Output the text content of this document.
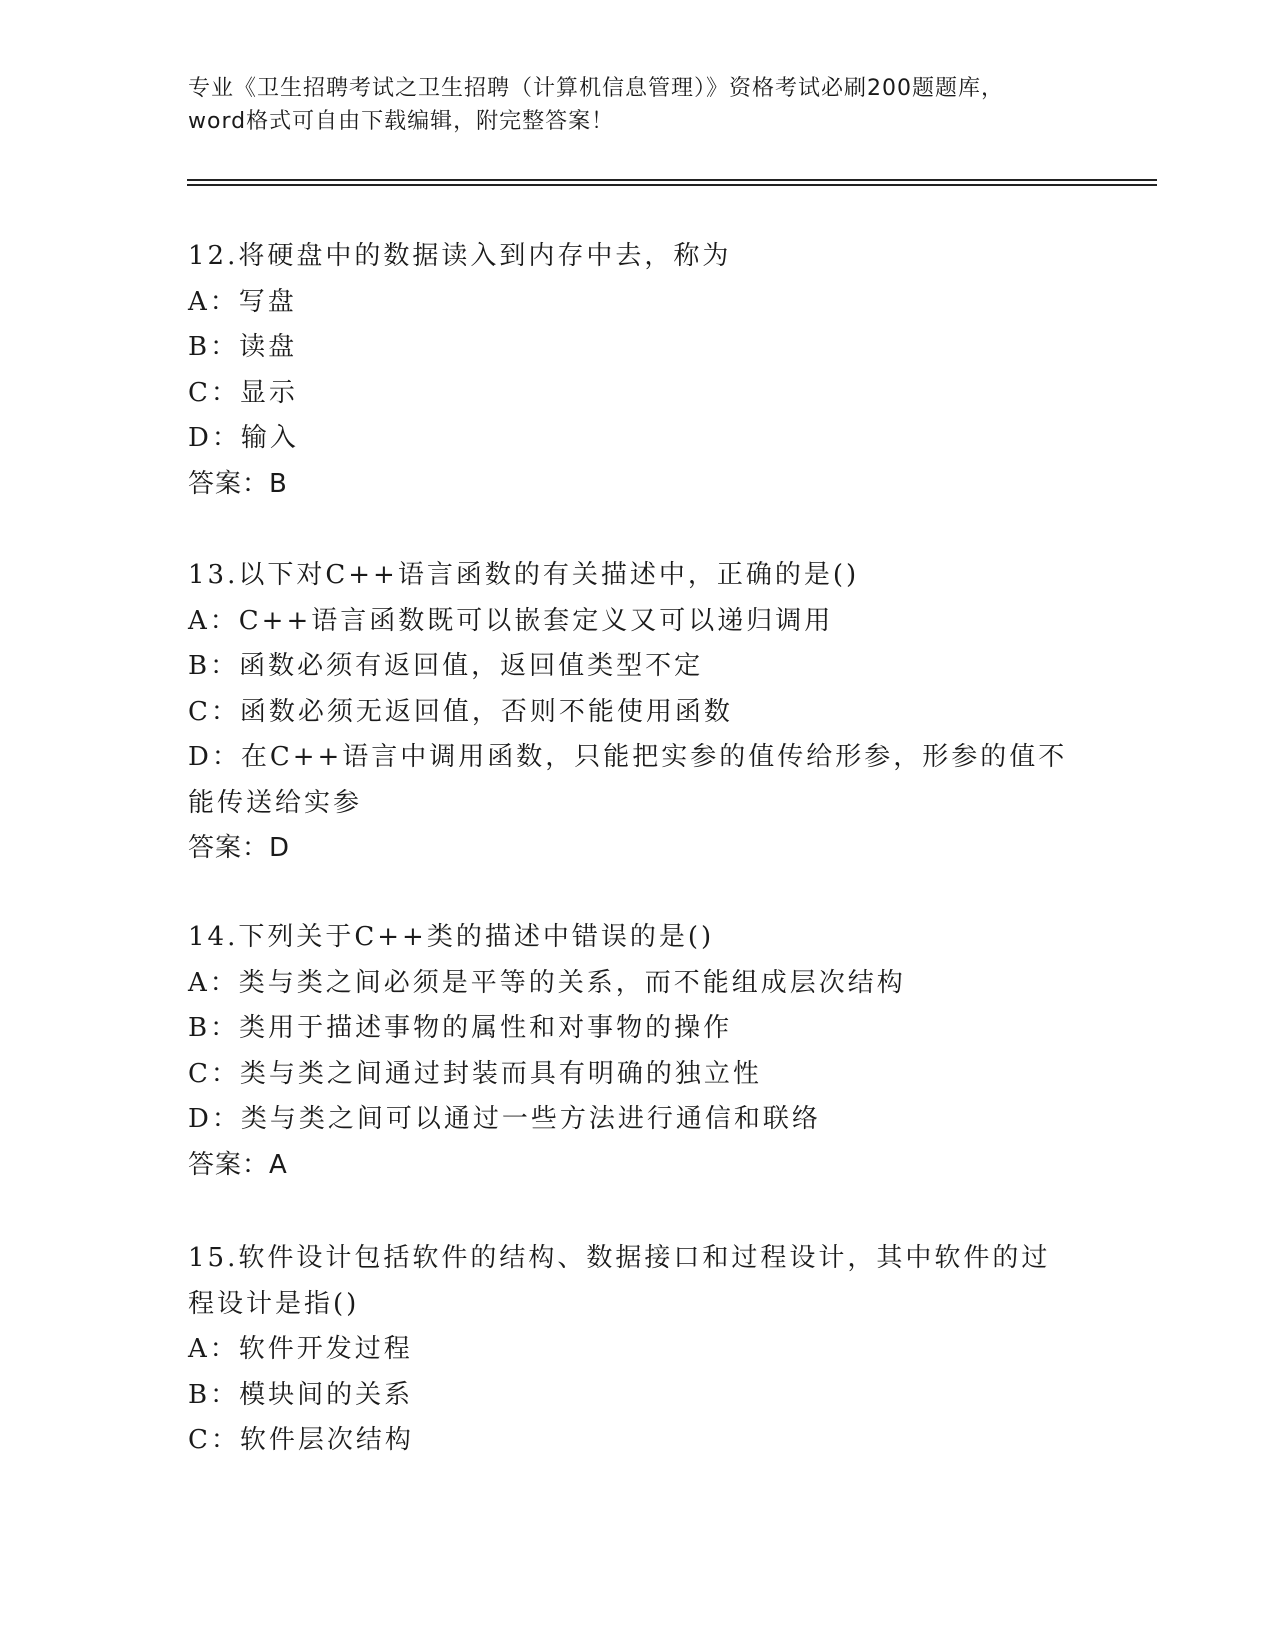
专业《卫生招聘考试之卫生招聘（计算机信息管理）》资格考试必刷200题题库，
word格式可自由下载编辑，附完整答案！
12.将硬盘中的数据读入到内存中去，称为
A：写盘
B：读盘
C：显示
D：输入
答案：B
13.以下对C++语言函数的有关描述中，正确的是()
A：C++语言函数既可以嵌套定义又可以递归调用
B：函数必须有返回值，返回值类型不定
C：函数必须无返回值，否则不能使用函数
D：在C++语言中调用函数，只能把实参的值传给形参，形参的值不能传送给实参
答案：D
14.下列关于C++类的描述中错误的是()
A：类与类之间必须是平等的关系，而不能组成层次结构
B：类用于描述事物的属性和对事物的操作
C：类与类之间通过封装而具有明确的独立性
D：类与类之间可以通过一些方法进行通信和联络
答案：A
15.软件设计包括软件的结构、数据接口和过程设计，其中软件的过程设计是指()
A：软件开发过程
B：模块间的关系
C：软件层次结构
